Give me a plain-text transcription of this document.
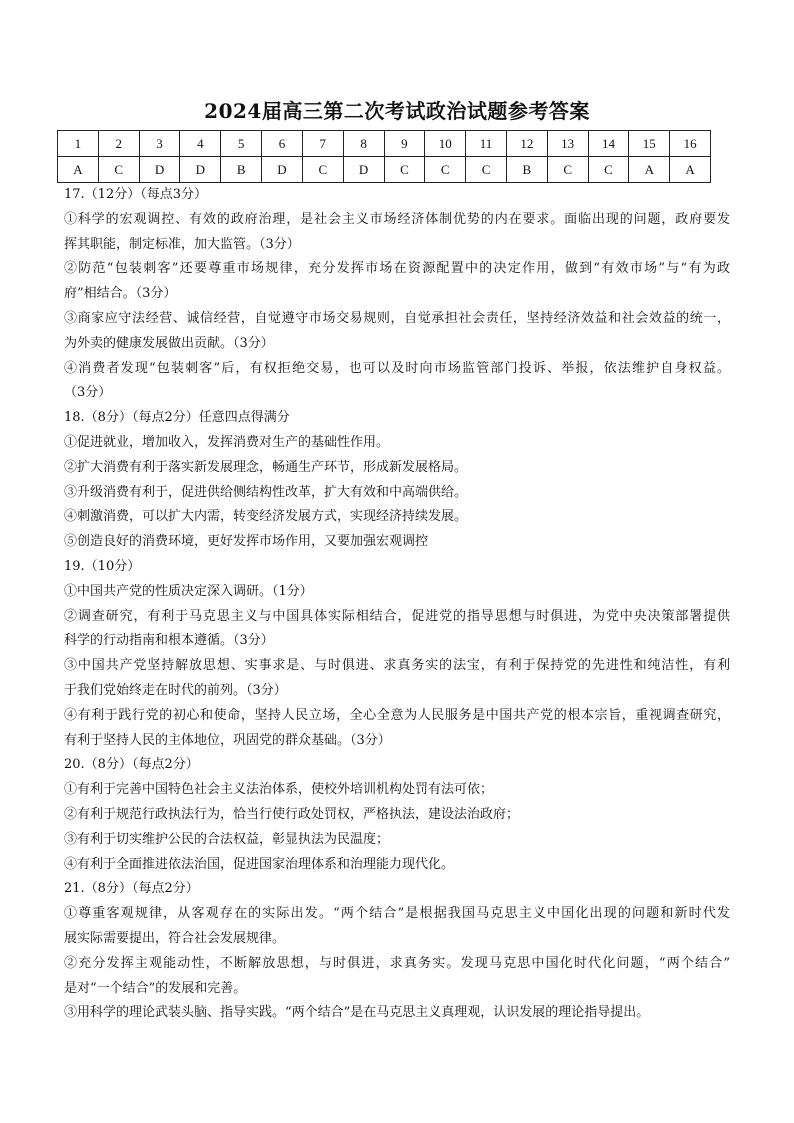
2024届高三第二次考试政治试题参考答案
1	2	3	4	5	6	7	8	9	10	11	12	13	14	15	16
A	C	D	D	B	D	C	D	C	C	C	B	C	C	A	A
17.（12分）（每点3分）
①科学的宏观调控、有效的政府治理，是社会主义市场经济体制优势的内在要求。面临出现的问题，政府要发
挥其职能，制定标准，加大监管。（3分）
②防范“包装刺客”还要尊重市场规律，充分发挥市场在资源配置中的决定作用，做到“有效市场”与“有为政
府”相结合。（3分）
③商家应守法经营、诚信经营，自觉遵守市场交易规则，自觉承担社会责任，坚持经济效益和社会效益的统一，
为外卖的健康发展做出贡献。（3分）
④消费者发现“包装刺客”后，有权拒绝交易，也可以及时向市场监管部门投诉、举报，依法维护自身权益。
（3分）
18.（8分）（每点2分）任意四点得满分
①促进就业，增加收入，发挥消费对生产的基础性作用。
②扩大消费有利于落实新发展理念，畅通生产环节，形成新发展格局。
③升级消费有利于，促进供给侧结构性改革，扩大有效和中高端供给。
④刺激消费，可以扩大内需，转变经济发展方式，实现经济持续发展。
⑤创造良好的消费环境，更好发挥市场作用，又要加强宏观调控
19.（10分）
①中国共产党的性质决定深入调研。（1分）
②调查研究，有利于马克思主义与中国具体实际相结合，促进党的指导思想与时俱进，为党中央决策部署提供
科学的行动指南和根本遵循。（3分）
③中国共产党坚持解放思想、实事求是、与时俱进、求真务实的法宝，有利于保持党的先进性和纯洁性，有利
于我们党始终走在时代的前列。（3分）
④有利于践行党的初心和使命，坚持人民立场，全心全意为人民服务是中国共产党的根本宗旨，重视调查研究，
有利于坚持人民的主体地位，巩固党的群众基础。（3分）
20.（8分）（每点2分）
①有利于完善中国特色社会主义法治体系，使校外培训机构处罚有法可依；
②有利于规范行政执法行为，恰当行使行政处罚权，严格执法，建设法治政府；
③有利于切实维护公民的合法权益，彰显执法为民温度；
④有利于全面推进依法治国，促进国家治理体系和治理能力现代化。
21.（8分）（每点2分）
①尊重客观规律，从客观存在的实际出发。“两个结合”是根据我国马克思主义中国化出现的问题和新时代发
展实际需要提出，符合社会发展规律。
②充分发挥主观能动性，不断解放思想，与时俱进，求真务实。发现马克思中国化时代化问题，“两个结合”
是对“一个结合”的发展和完善。
③用科学的理论武装头脑、指导实践。“两个结合”是在马克思主义真理观，认识发展的理论指导提出。
